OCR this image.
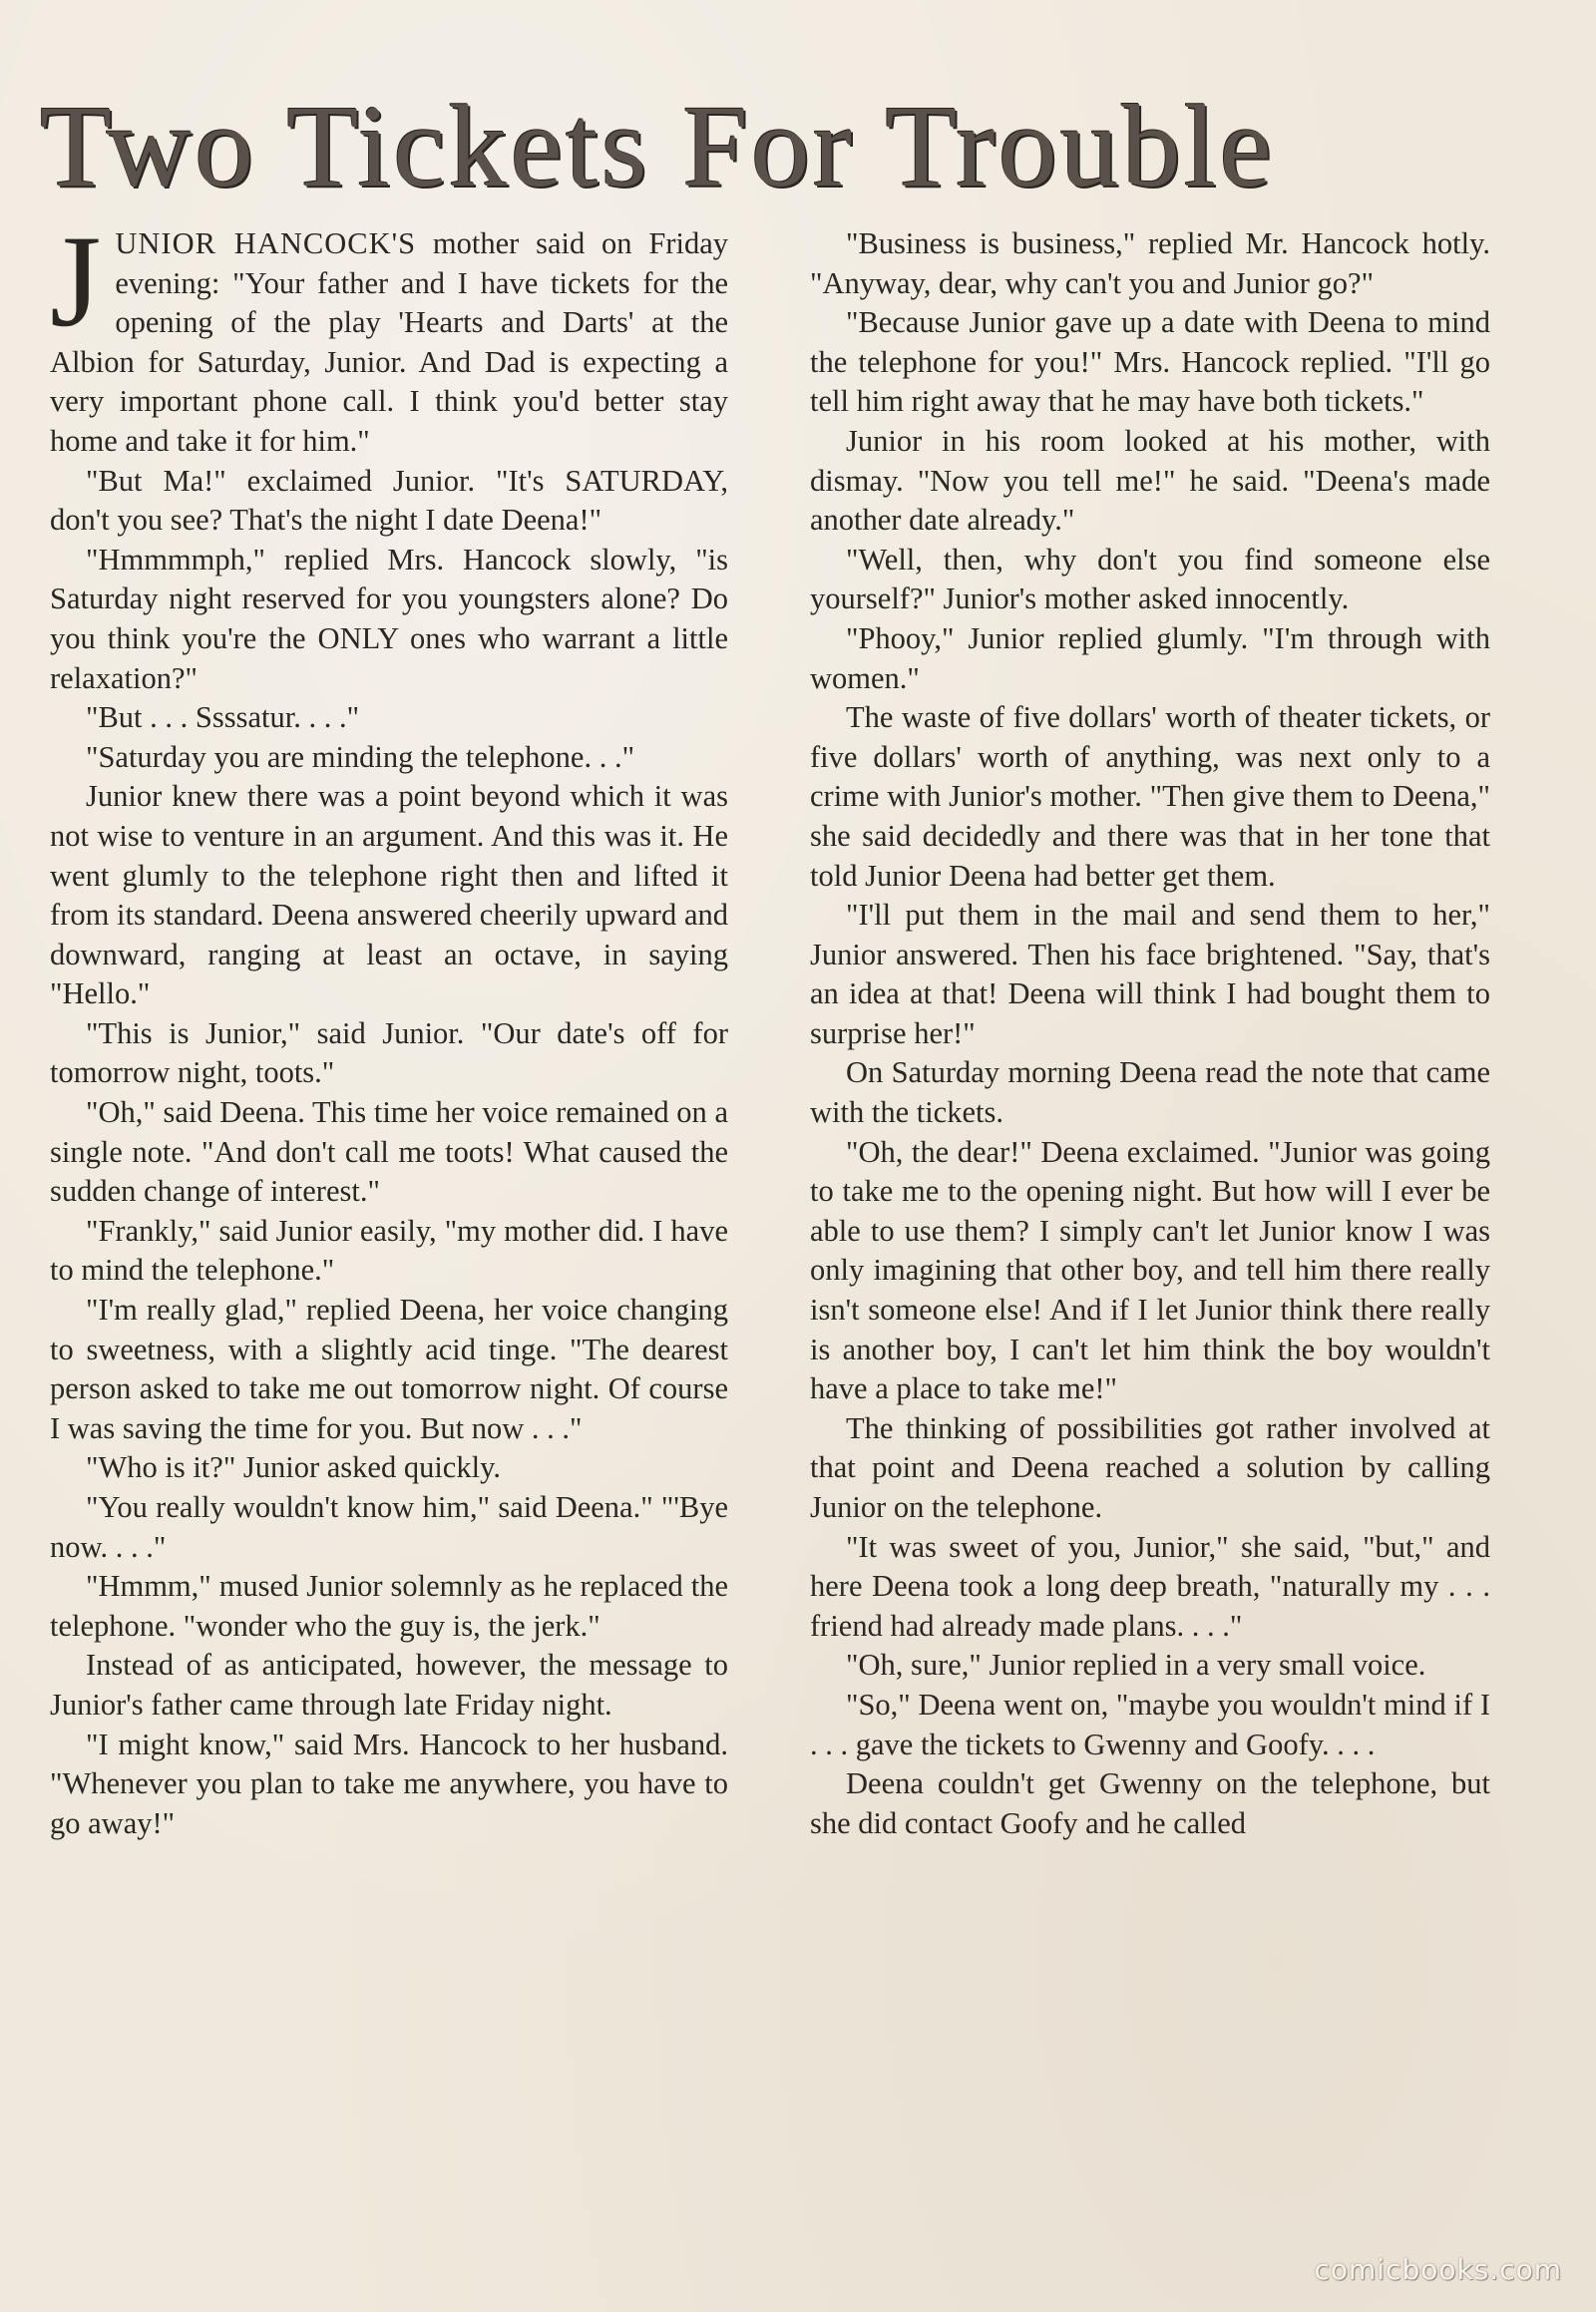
Two Tickets For Trouble

JUNIOR HANCOCK'S mother said on Friday evening: "Your father and I have tickets for the opening of the play 'Hearts and Darts' at the Albion for Saturday, Junior. And Dad is expecting a very important phone call. I think you'd better stay home and take it for him."

"But Ma!" exclaimed Junior. "It's SATURDAY, don't you see? That's the night I date Deena!"

"Hmmmmph," replied Mrs. Hancock slowly, "is Saturday night reserved for you youngsters alone? Do you think you're the ONLY ones who warrant a little relaxation?"

"But . . . Ssssatur. . . ."

"Saturday you are minding the telephone. . ."

Junior knew there was a point beyond which it was not wise to venture in an argument. And this was it. He went glumly to the telephone right then and lifted it from its standard. Deena answered cheerily upward and downward, ranging at least an octave, in saying "Hello."

"This is Junior," said Junior. "Our date's off for tomorrow night, toots."

"Oh," said Deena. This time her voice remained on a single note. "And don't call me toots! What caused the sudden change of interest."

"Frankly," said Junior easily, "my mother did. I have to mind the telephone."

"I'm really glad," replied Deena, her voice changing to sweetness, with a slightly acid tinge. "The dearest person asked to take me out tomorrow night. Of course I was saving the time for you. But now . . ."

"Who is it?" Junior asked quickly.

"You really wouldn't know him," said Deena." "'Bye now. . . ."

"Hmmm," mused Junior solemnly as he replaced the telephone. "wonder who the guy is, the jerk."

Instead of as anticipated, however, the message to Junior's father came through late Friday night.

"I might know," said Mrs. Hancock to her husband. "Whenever you plan to take me anywhere, you have to go away!"

"Business is business," replied Mr. Hancock hotly. "Anyway, dear, why can't you and Junior go?"

"Because Junior gave up a date with Deena to mind the telephone for you!" Mrs. Hancock replied. "I'll go tell him right away that he may have both tickets."

Junior in his room looked at his mother, with dismay. "Now you tell me!" he said. "Deena's made another date already."

"Well, then, why don't you find someone else yourself?" Junior's mother asked innocently.

"Phooy," Junior replied glumly. "I'm through with women."

The waste of five dollars' worth of theater tickets, or five dollars' worth of anything, was next only to a crime with Junior's mother. "Then give them to Deena," she said decidedly and there was that in her tone that told Junior Deena had better get them.

"I'll put them in the mail and send them to her," Junior answered. Then his face brightened. "Say, that's an idea at that! Deena will think I had bought them to surprise her!"

On Saturday morning Deena read the note that came with the tickets.

"Oh, the dear!" Deena exclaimed. "Junior was going to take me to the opening night. But how will I ever be able to use them? I simply can't let Junior know I was only imagining that other boy, and tell him there really isn't someone else! And if I let Junior think there really is another boy, I can't let him think the boy wouldn't have a place to take me!"

The thinking of possibilities got rather involved at that point and Deena reached a solution by calling Junior on the telephone.

"It was sweet of you, Junior," she said, "but," and here Deena took a long deep breath, "naturally my . . . friend had already made plans. . . ."

"Oh, sure," Junior replied in a very small voice.

"So," Deena went on, "maybe you wouldn't mind if I . . . gave the tickets to Gwenny and Goofy. . . .

Deena couldn't get Gwenny on the telephone, but she did contact Goofy and he called

comicbooks.com
